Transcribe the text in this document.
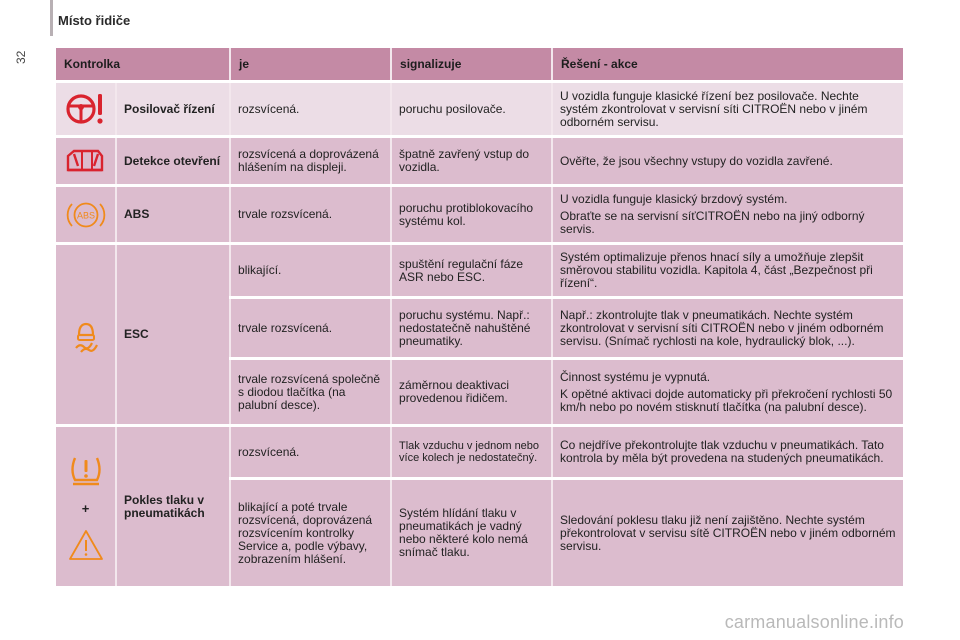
Místo řidiče
32	Kontrolka		je	signalizuje	Řešení - akce

	Posilovač řízení	rozsvícená.	poruchu posilovače.	U vozidla funguje klasické řízení bez posilovače. Nechte systém zkontrolovat v servisní síti CITROËN nebo v jiném odborném servisu.

	Detekce otevření	rozsvícená a doprovázená hlášením na displeji.	špatně zavřený vstup do vozidla.	Ověřte, že jsou všechny vstupy do vozidla zavřené.

ABS	ABS	trvale rozsvícená.	poruchu protiblokovacího systému kol.	U vozidla funguje klasický brzdový systém.

Obraťte se na servisní síťCITROËN nebo na jiný odborný servis.

	ESC	blikající.	spuštění regulační fáze ASR nebo ESC.	Systém optimalizuje přenos hnací síly a umožňuje zlepšit směrovou stabilitu vozidla. Kapitola 4, část „Bezpečnost při řízení“.
		trvale rozsvícená.	poruchu systému. Např.: nedostatečně nahuštěné pneumatiky.	Např.: zkontrolujte tlak v pneumatikách. Nechte systém zkontrolovat v servisní síti CITROËN nebo v jiném odborném servisu. (Snímač rychlosti na kole, hydraulický blok, ...).
		trvale rozsvícená společně s diodou tlačítka (na palubní desce).	záměrnou deaktivaci provedenou řidičem.	Činnost systému je vypnutá.

K opětné aktivaci dojde automaticky při překročení rychlosti 50 km/h nebo po novém stisknutí tlačítka (na palubní desce).

+	Pokles tlaku v pneumatikách	rozsvícená.	Tlak vzduchu v jednom nebo více kolech je nedostatečný.	Co nejdříve překontrolujte tlak vzduchu v pneumatikách. Tato kontrola by měla být provedena na studených pneumatikách.
		blikající a poté trvale rozsvícená, doprovázená rozsvícením kontrolky Service a, podle výbavy, zobrazením hlášení.	Systém hlídání tlaku v pneumatikách je vadný nebo některé kolo nemá snímač tlaku.	Sledování poklesu tlaku již není zajištěno. Nechte systém překontrolovat v servisu sítě CITROËN nebo v jiném odborném servisu.
carmanualsonline.info
